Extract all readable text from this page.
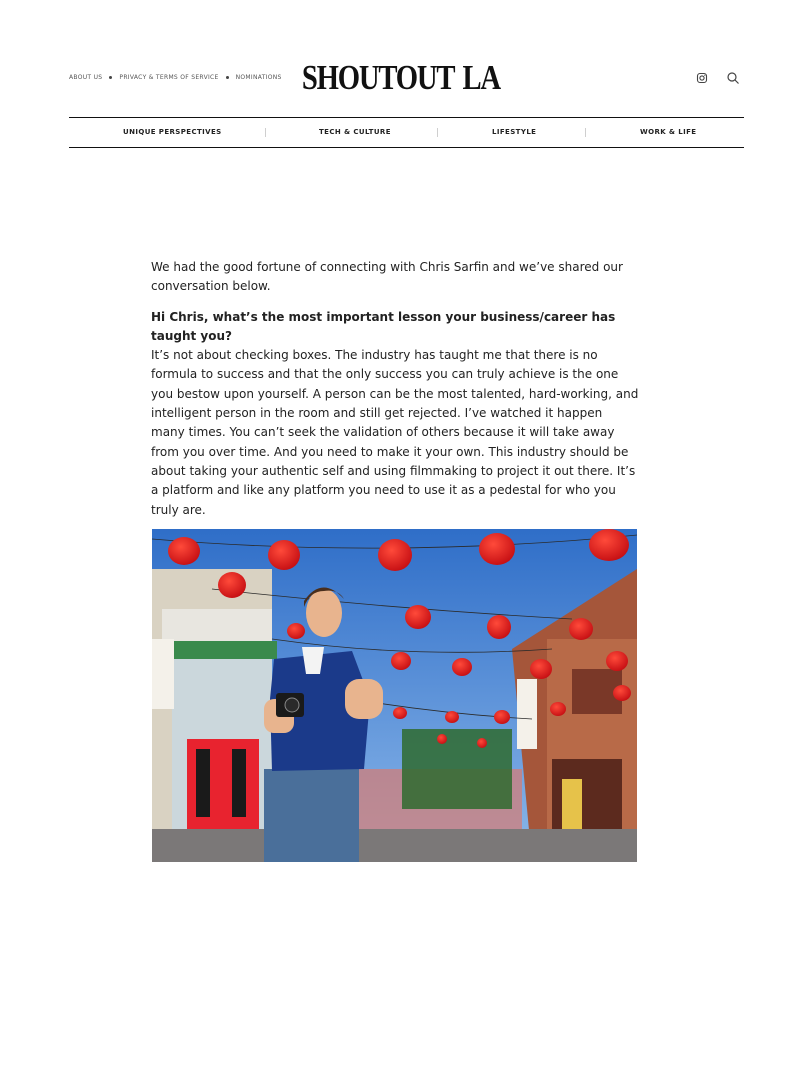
ABOUT US	PRIVACY & TERMS OF SERVICE	NOMINATIONS SHOUTOUT LA
UNIQUE PERSPECTIVES	TECH & CULTURE	LIFESTYLE	WORK & LIFE

We had the good fortune of connecting with Chris Sarfin and we’ve shared our conversation below.

Hi Chris, what’s the most important lesson your business/career has taught you?

It’s not about checking boxes. The industry has taught me that there is no formula to success and that the only success you can truly achieve is the one you bestow upon yourself. A person can be the most talented, hard-working, and intelligent person in the room and still get rejected. I’ve watched it happen many times. You can’t seek the validation of others because it will take away from you over time. And you need to make it your own. This industry should be about taking your authentic self and using filmmaking to project it out there. It’s a platform and like any platform you need to use it as a pedestal for who you truly are.
